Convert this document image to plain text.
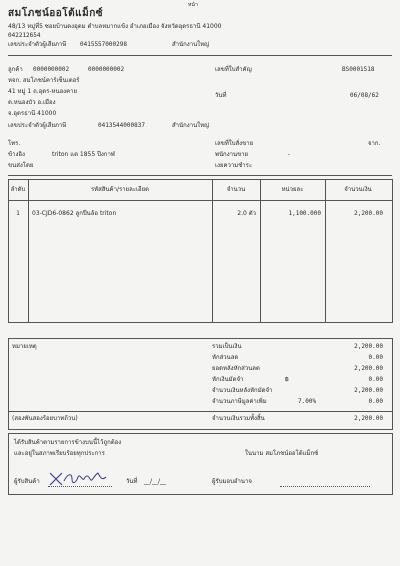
หน้า
สมโภชน์ออโต้แม็กซ์
48/13 หมู่ที่5 ซอยบ้านดงอุดม ตำบลหมากแข้ง อำเภอเมือง จังหวัดอุดรธานี 41000
042212654
เลขประจำตัวผู้เสียภาษี 0415557000298	สำนักงานใหญ่
ลูกค้า 0000000002	0000000002
หจก. สมโภชน์คาร์เซ็นเตอร์
41 หมู่ 1 ถ.อุดร-หนองคาย
ต.หนองบัว อ.เมือง
จ.อุดรธานี 41000
เลขประจำตัวผู้เสียภาษี	0413544000837	สำนักงานใหญ่
โทร.
ข้างอิง	triton แต 1855 ปีงกาฬ
ขนส่งโดย
เลขที่ใบสำคัญ	BS0001518
วันที่	06/08/62
เลขที่ใบสั่งขาย	จาก.
พนักงานขาย	-
เงยความชำระ
ลำดับ	รหัสสินค้า/รายละเอียด	จำนวน	หน่วยละ	จำนวนเงิน
1	03-CJD6-0862 ลูกปืนล้อ triton	2.0 ตัว	1,100.000	2,200.00
หมายเหตุ	รวมเป็นเงิน	2,200.00
หักส่วนลด	0.00
ยอดหลังหักส่วนลด	2,200.00
หักเงินมัดจำ	฿	0.00
จำนวนเงินหลังหักมัดจำ	2,200.00
จำนวนภาษีมูลค่าเพิ่ม	7.00%	0.00
(สองพันสองร้อยบาทถ้วน)	จำนวนเงินรวมทั้งสิ้น	2,200.00
ได้รับสินค้าตามรายการข้างบนนี้ไว้ถูกต้อง
และอยู่ในสภาพเรียบร้อยทุกประการ	ในนาม สมโภชน์ออโต้แม็กซ์
ผู้รับสินค้า	วันที่ __/__/__	ผู้รับมอบอำนาจ
